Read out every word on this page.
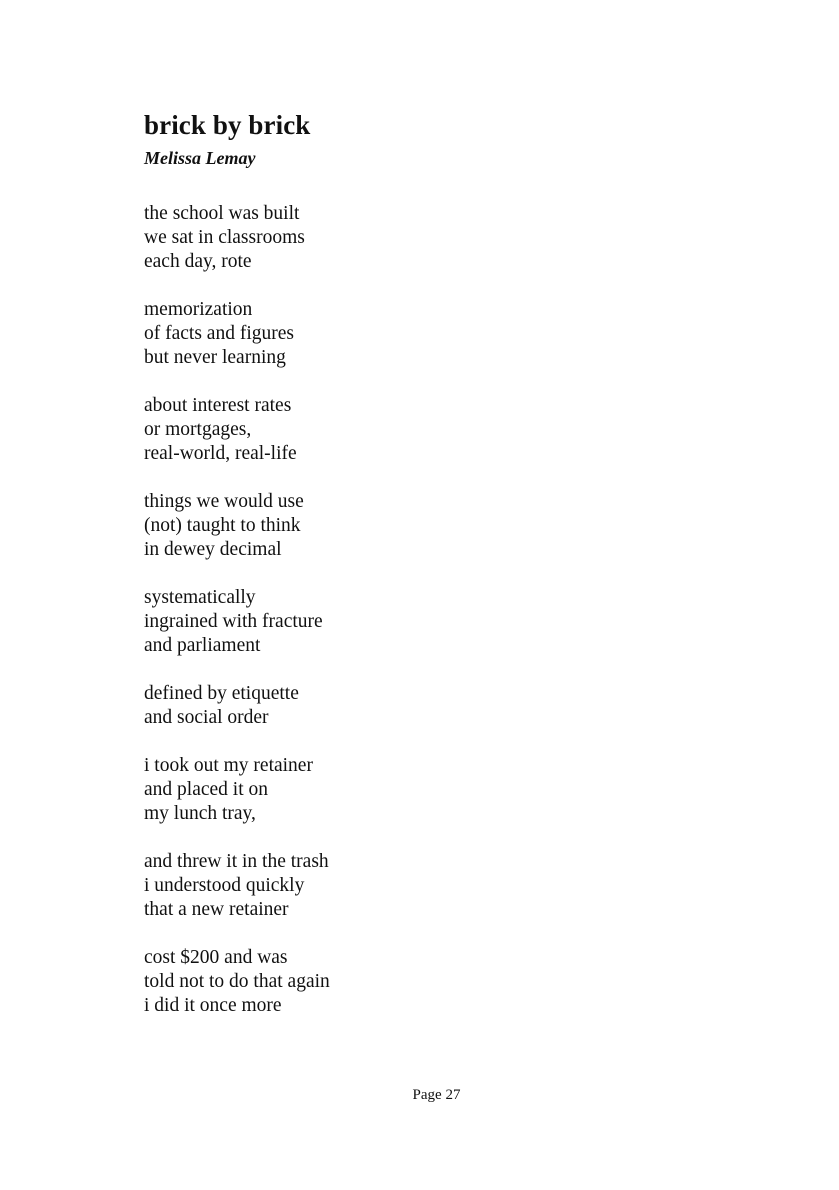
brick by brick

Melissa Lemay

the school was built
we sat in classrooms
each day, rote
memorization
of facts and figures
but never learning
about interest rates
or mortgages,
real-world, real-life
things we would use
(not) taught to think
in dewey decimal
systematically
ingrained with fracture
and parliament
defined by etiquette
and social order
i took out my retainer
and placed it on
my lunch tray,
and threw it in the trash
i understood quickly
that a new retainer
cost $200 and was
told not to do that again
i did it once more
Page 27
